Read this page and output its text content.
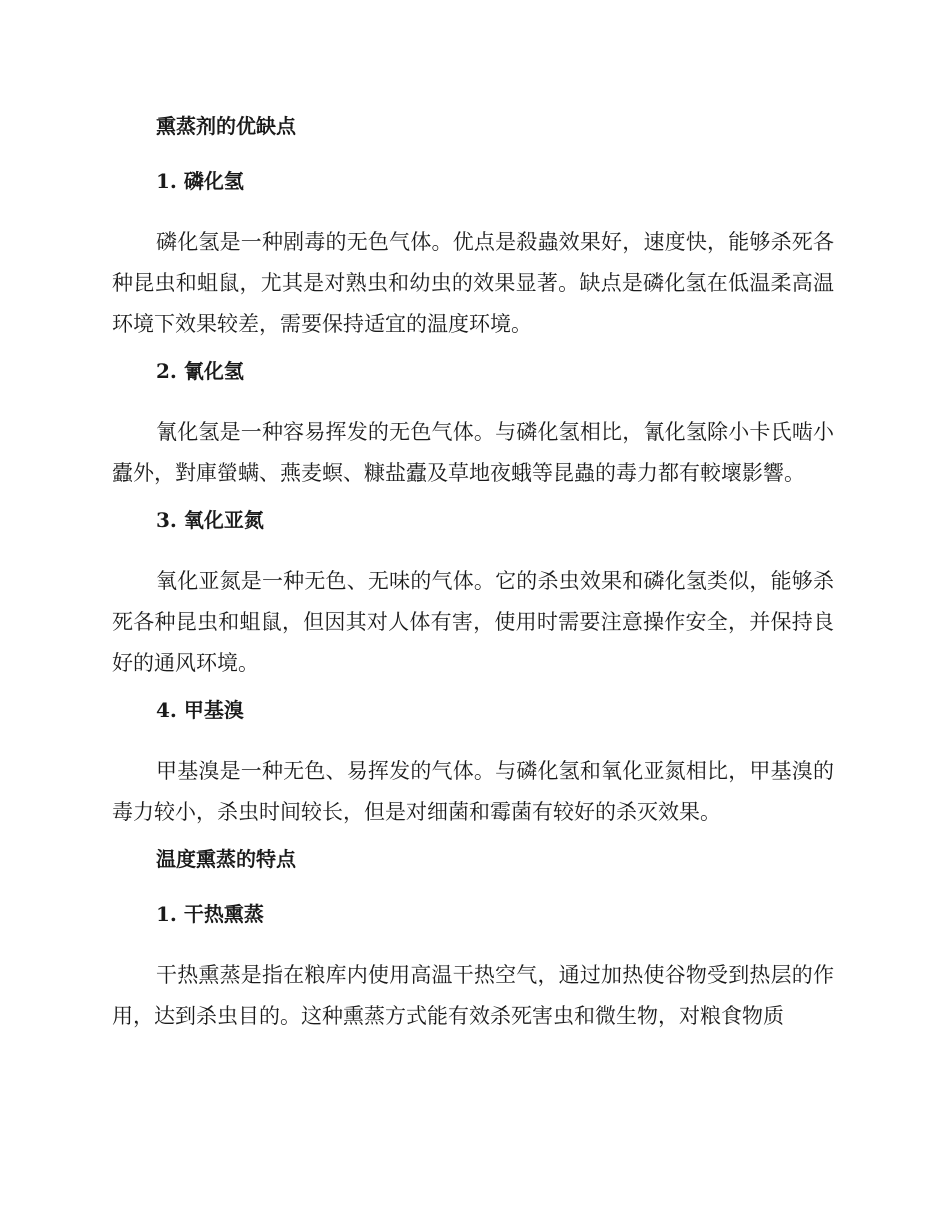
熏蒸剂的优缺点
1. 磷化氢

磷化氢是一种剧毒的无色气体。优点是殺蟲效果好，速度快，能够杀死各种昆虫和蛆鼠，尤其是对熟虫和幼虫的效果显著。缺点是磷化氢在低温柔高温环境下效果较差，需要保持适宜的温度环境。

2. 氰化氢

氰化氢是一种容易挥发的无色气体。与磷化氢相比，氰化氢除小卡氏啮小蠹外，對庫螢螨、燕麦螟、糠盐蠹及草地夜蛾等昆蟲的毒力都有較壞影響。

3. 氧化亚氮

氧化亚氮是一种无色、无味的气体。它的杀虫效果和磷化氢类似，能够杀死各种昆虫和蛆鼠，但因其对人体有害，使用时需要注意操作安全，并保持良好的通风环境。

4. 甲基溴

甲基溴是一种无色、易挥发的气体。与磷化氢和氧化亚氮相比，甲基溴的毒力较小，杀虫时间较长，但是对细菌和霉菌有较好的杀灭效果。

温度熏蒸的特点
1. 干热熏蒸

干热熏蒸是指在粮库内使用高温干热空气，通过加热使谷物受到热层的作用，达到杀虫目的。这种熏蒸方式能有效杀死害虫和微生物，对粮食物质
